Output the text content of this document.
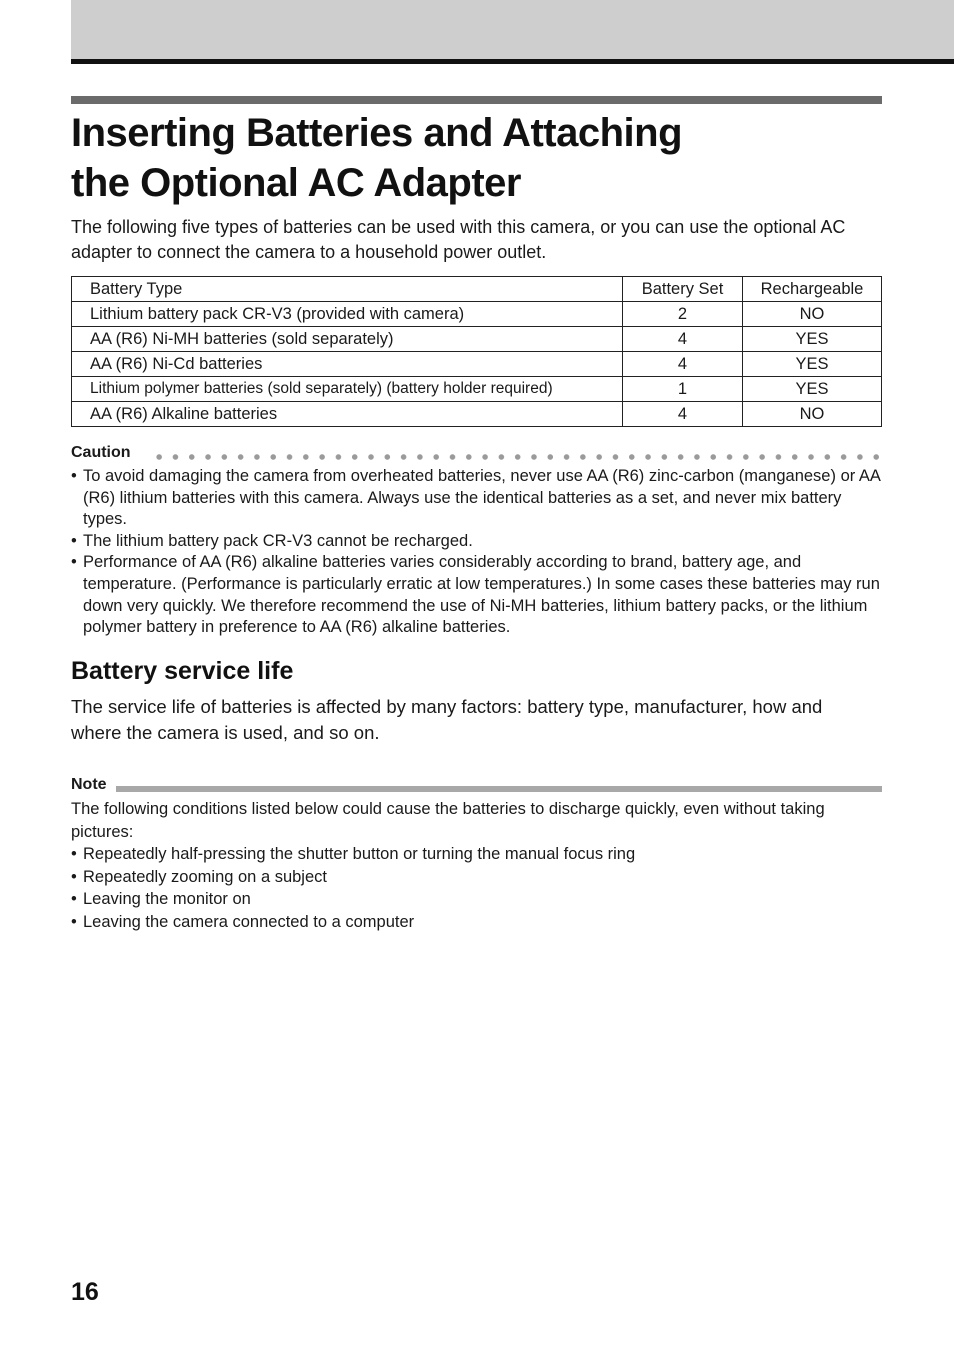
Inserting Batteries and Attaching
the Optional AC Adapter

The following five types of batteries can be used with this camera, or you can use the optional AC adapter to connect the camera to a household power outlet.

Battery Type	Battery Set	Rechargeable
Lithium battery pack CR-V3 (provided with camera)	2	NO
AA (R6) Ni-MH batteries (sold separately)	4	YES
AA (R6) Ni-Cd batteries	4	YES
Lithium polymer batteries (sold separately) (battery holder required)	1	YES
AA (R6) Alkaline batteries	4	NO
Caution
• To avoid damaging the camera from overheated batteries, never use AA (R6) zinc-carbon (manganese) or AA (R6) lithium batteries with this camera. Always use the identical batteries as a set, and never mix battery types.
• The lithium battery pack CR-V3 cannot be recharged.
• Performance of AA (R6) alkaline batteries varies considerably according to brand, battery age, and temperature. (Performance is particularly erratic at low temperatures.) In some cases these batteries may run down very quickly. We therefore recommend the use of Ni-MH batteries, lithium battery packs, or the lithium polymer battery in preference to AA (R6) alkaline batteries.
Battery service life

The service life of batteries is affected by many factors: battery type, manufacturer, how and where the camera is used, and so on.

Note

The following conditions listed below could cause the batteries to discharge quickly, even without taking pictures:

• Repeatedly half-pressing the shutter button or turning the manual focus ring
• Repeatedly zooming on a subject
• Leaving the monitor on
• Leaving the camera connected to a computer
16
